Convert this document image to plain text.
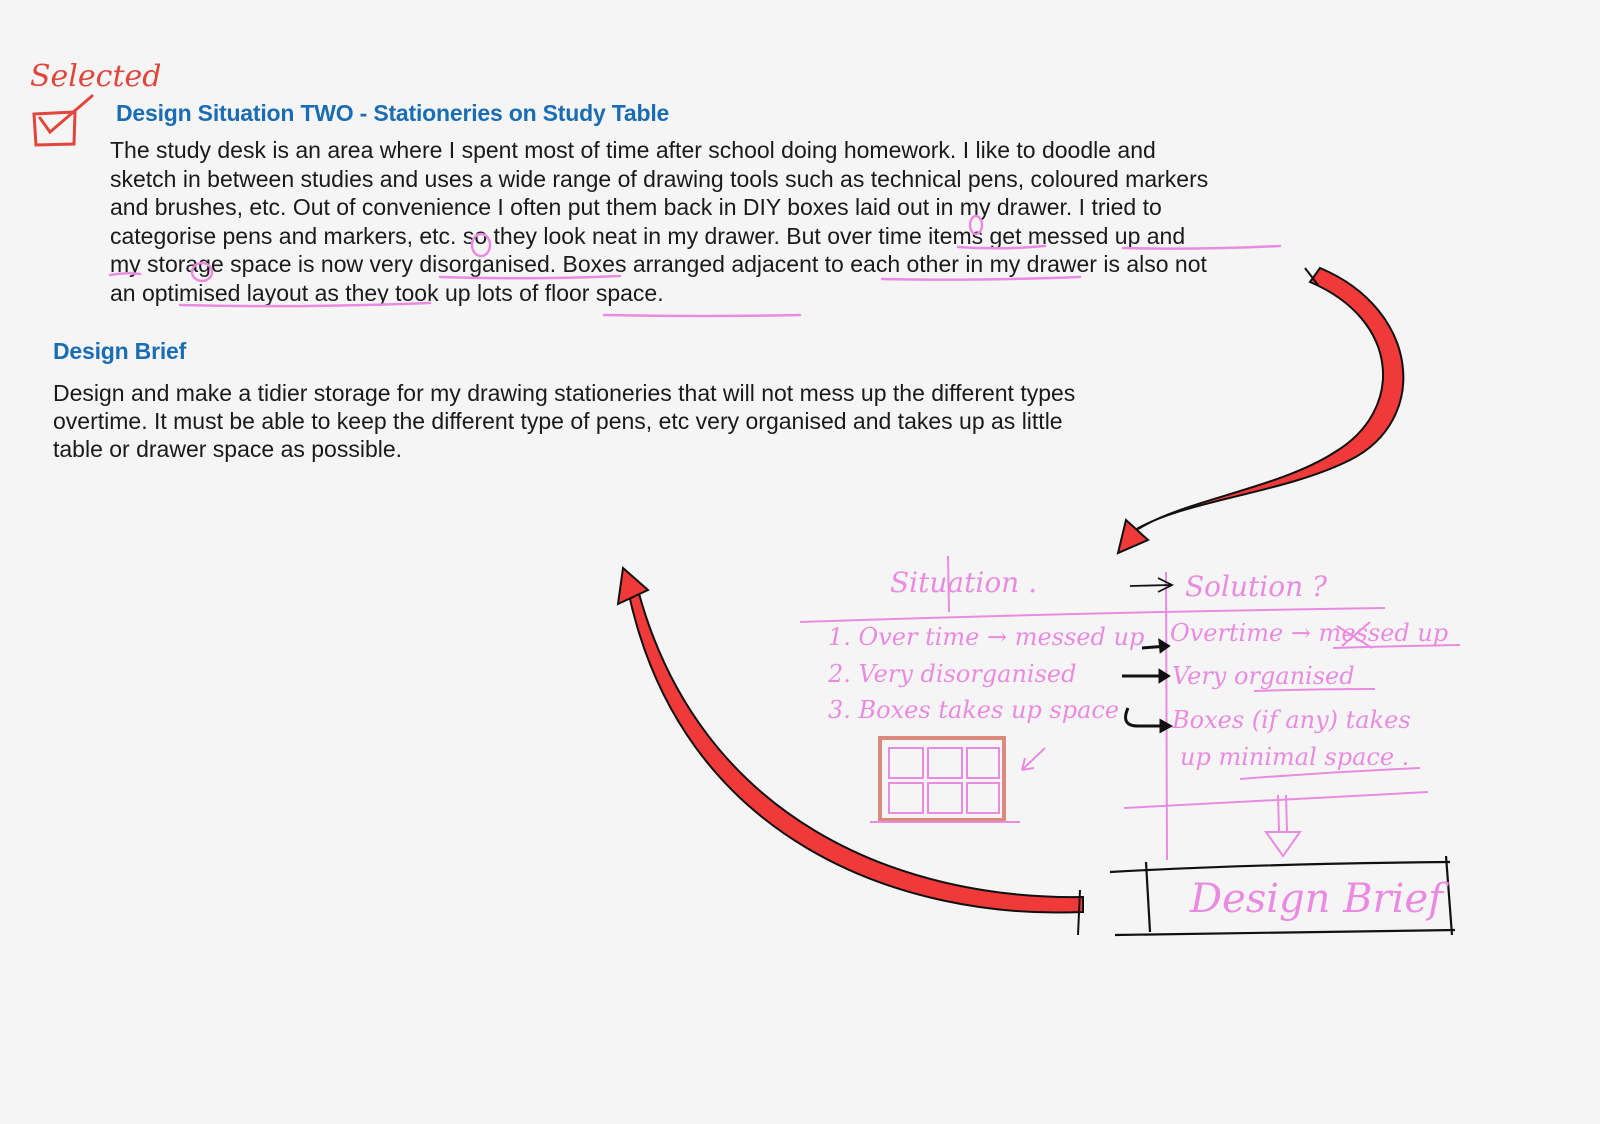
Design Situation TWO - Stationeries on Study Table

The study desk is an area where I spent most of time after school doing homework. I like to doodle and
sketch in between studies and uses a wide range of drawing tools such as technical pens, coloured markers
and brushes, etc. Out of convenience I often put them back in DIY boxes laid out in my drawer. I tried to
categorise pens and markers, etc. so they look neat in my drawer. But over time items get messed up and
my storage space is now very disorganised. Boxes arranged adjacent to each other in my drawer is also not
an optimised layout as they took up lots of floor space.

Design Brief

Design and make a tidier storage for my drawing stationeries that will not mess up the different types
overtime. It must be able to keep the different type of pens, etc very organised and takes up as little
table or drawer space as possible.

Selected
Situation .	Solution ?
1. Over time → messed up
2. Very disorganised
3. Boxes takes up space
Overtime → messed up
Very organised
Boxes (if any) takes
up minimal space .
Design Brief
